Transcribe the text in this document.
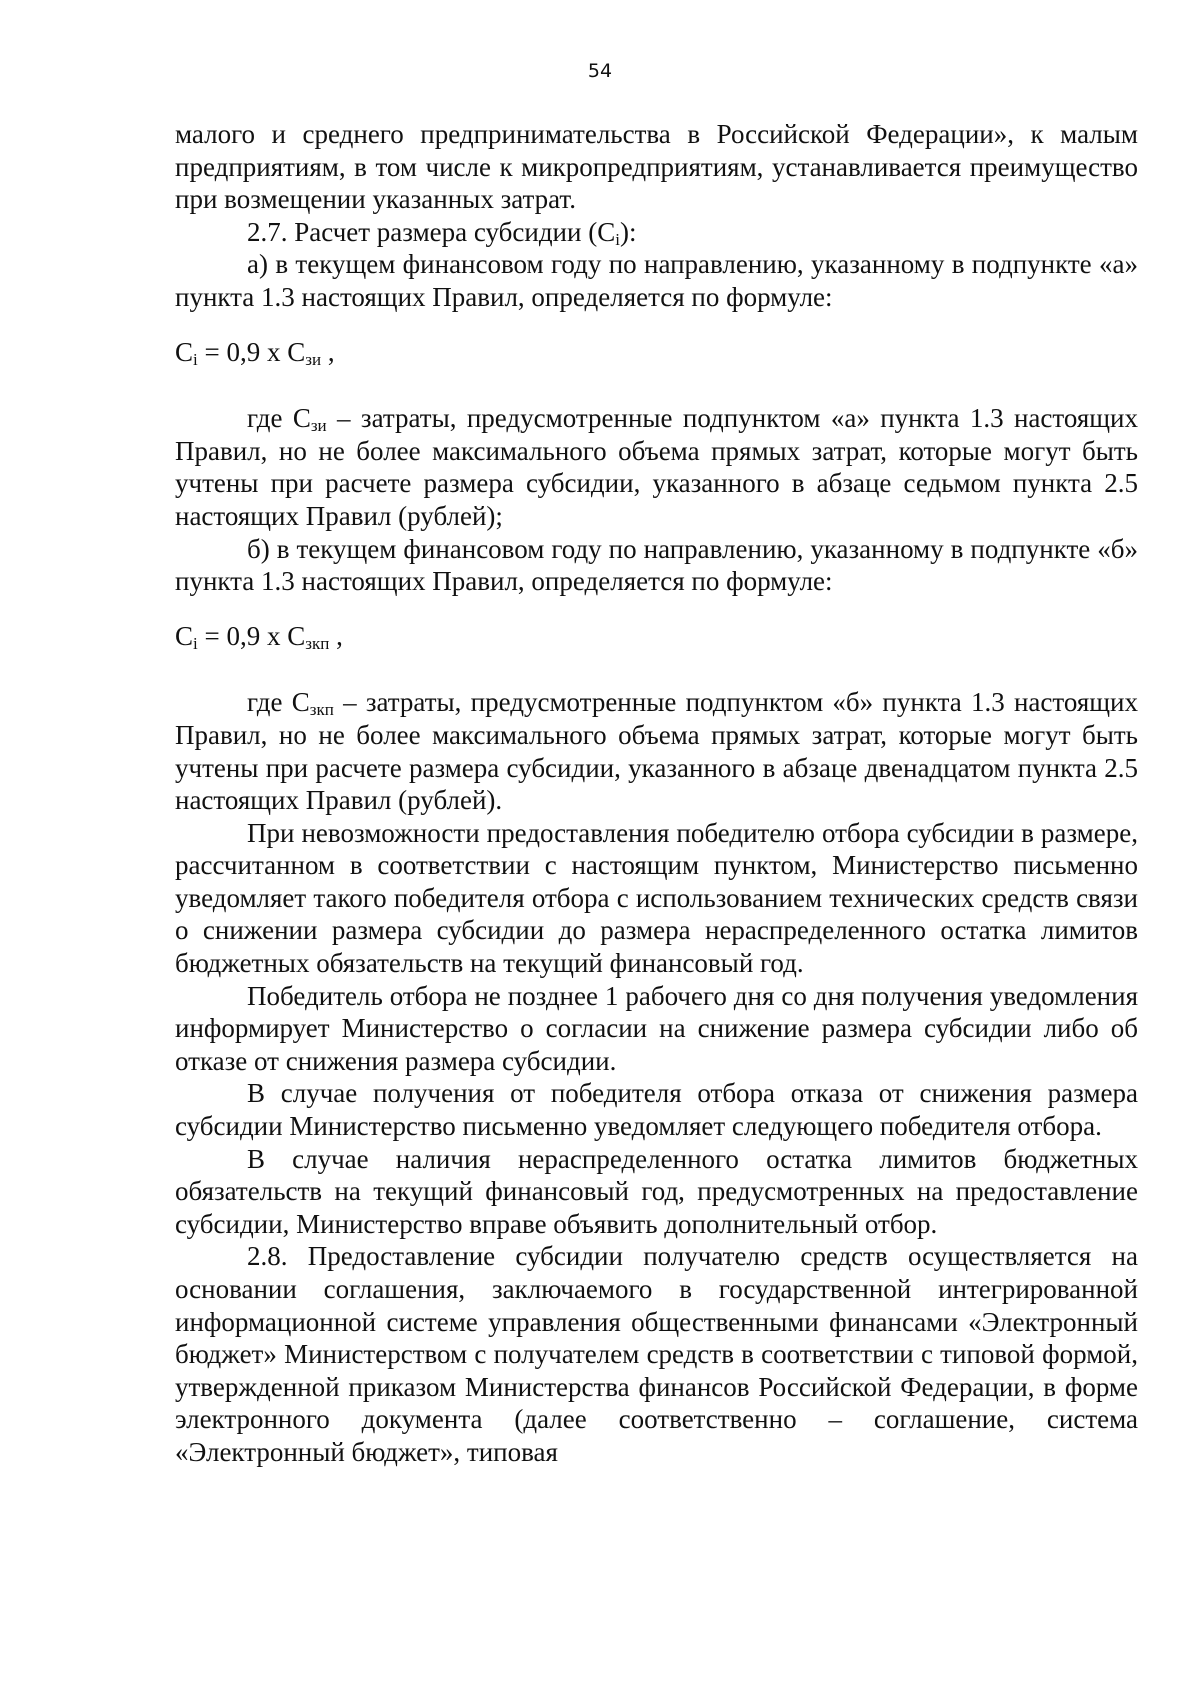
54

малого и среднего предпринимательства в Российской Федерации», к малым предприятиям, в том числе к микропредприятиям, устанавливается преимущество при возмещении указанных затрат.

2.7. Расчет размера субсидии $(С_i)$:

а) в текущем финансовом году по направлению, указанному в подпункте «а» пункта 1.3 настоящих Правил, определяется по формуле:

$С_i = 0,9$ х $С_{зи}$ ,

где $С_{зи}$ – затраты, предусмотренные подпунктом «а» пункта 1.3 настоящих Правил, но не более максимального объема прямых затрат, которые могут быть учтены при расчете размера субсидии, указанного в абзаце седьмом пункта 2.5 настоящих Правил (рублей);

б) в текущем финансовом году по направлению, указанному в подпункте «б» пункта 1.3 настоящих Правил, определяется по формуле:

$С_i = 0,9$ х $С_{зкп}$ ,

где $С_{зкп}$ – затраты, предусмотренные подпунктом «б» пункта 1.3 настоящих Правил, но не более максимального объема прямых затрат, которые могут быть учтены при расчете размера субсидии, указанного в абзаце двенадцатом пункта 2.5 настоящих Правил (рублей).

При невозможности предоставления победителю отбора субсидии в размере, рассчитанном в соответствии с настоящим пунктом, Министерство письменно уведомляет такого победителя отбора с использованием технических средств связи о снижении размера субсидии до размера нераспределенного остатка лимитов бюджетных обязательств на текущий финансовый год.

Победитель отбора не позднее 1 рабочего дня со дня получения уведомления информирует Министерство о согласии на снижение размера субсидии либо об отказе от снижения размера субсидии.

В случае получения от победителя отбора отказа от снижения размера субсидии Министерство письменно уведомляет следующего победителя отбора.

В случае наличия нераспределенного остатка лимитов бюджетных обязательств на текущий финансовый год, предусмотренных на предоставление субсидии, Министерство вправе объявить дополнительный отбор.

2.8. Предоставление субсидии получателю средств осуществляется на основании соглашения, заключаемого в государственной интегрированной информационной системе управления общественными финансами «Электронный бюджет» Министерством с получателем средств в соответствии с типовой формой, утвержденной приказом Министерства финансов Российской Федерации, в форме электронного документа (далее соответственно – соглашение, система «Электронный бюджет», типовая
